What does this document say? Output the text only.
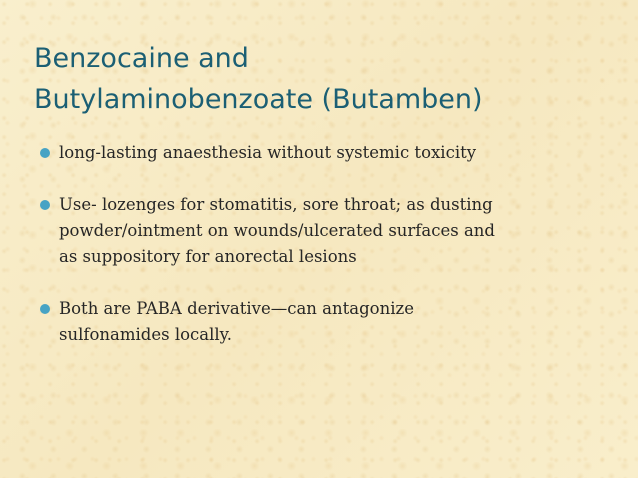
Benzocaine and
Butylaminobenzoate (Butamben)
long-lasting anaesthesia without systemic toxicity
Use- lozenges for stomatitis, sore throat; as dusting
powder/ointment on wounds/ulcerated surfaces and
as suppository for anorectal lesions
Both are PABA derivative—can antagonize
sulfonamides locally.
